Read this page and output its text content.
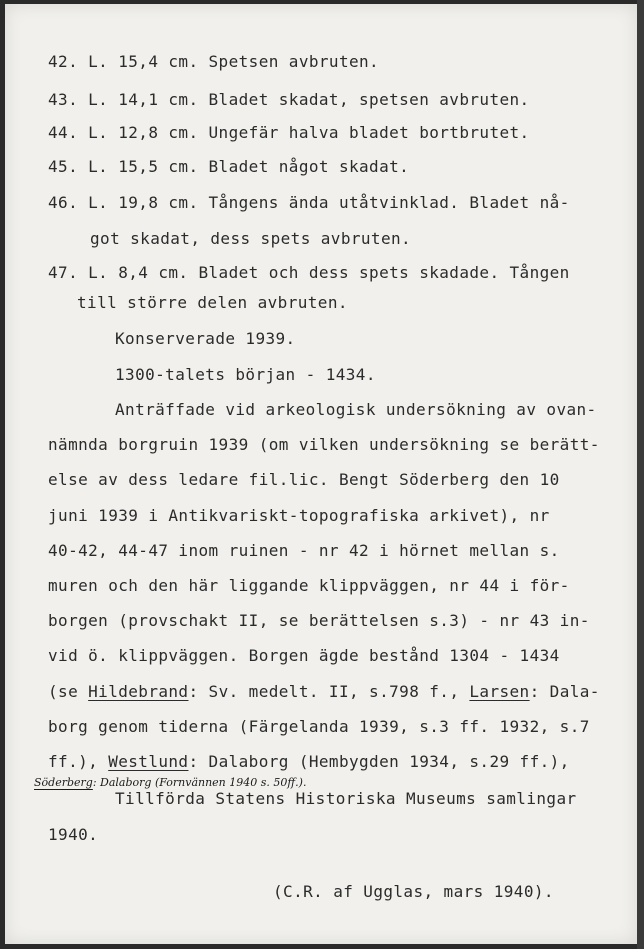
42. L. 15,4 cm. Spetsen avbruten.
43. L. 14,1 cm. Bladet skadat, spetsen avbruten.
44. L. 12,8 cm. Ungefär halva bladet bortbrutet.
45. L. 15,5 cm. Bladet något skadat.
46. L. 19,8 cm. Tångens ända utåtvinklad. Bladet nå-
got skadat, dess spets avbruten.
47. L. 8,4 cm. Bladet och dess spets skadade. Tången
till större delen avbruten.
Konserverade 1939.
1300-talets början - 1434.
Anträffade vid arkeologisk undersökning av ovan-
nämnda borgruin 1939 (om vilken undersökning se berätt-
else av dess ledare fil.lic. Bengt Söderberg den 10
juni 1939 i Antikvariskt-topografiska arkivet), nr
40-42, 44-47 inom ruinen - nr 42 i hörnet mellan s.
muren och den här liggande klippväggen, nr 44 i för-
borgen (provschakt II, se berättelsen s.3) - nr 43 in-
vid ö. klippväggen. Borgen ägde bestånd 1304 - 1434
(se Hildebrand: Sv. medelt. II, s.798 f., Larsen: Dala-
borg genom tiderna (Färgelanda 1939, s.3 ff. 1932, s.7
ff.), Westlund: Dalaborg (Hembygden 1934, s.29 ff.),
Söderberg: Dalaborg (Fornvännen 1940 s. 50ff.).
Tillförda Statens Historiska Museums samlingar
1940.
(C.R. af Ugglas, mars 1940).
